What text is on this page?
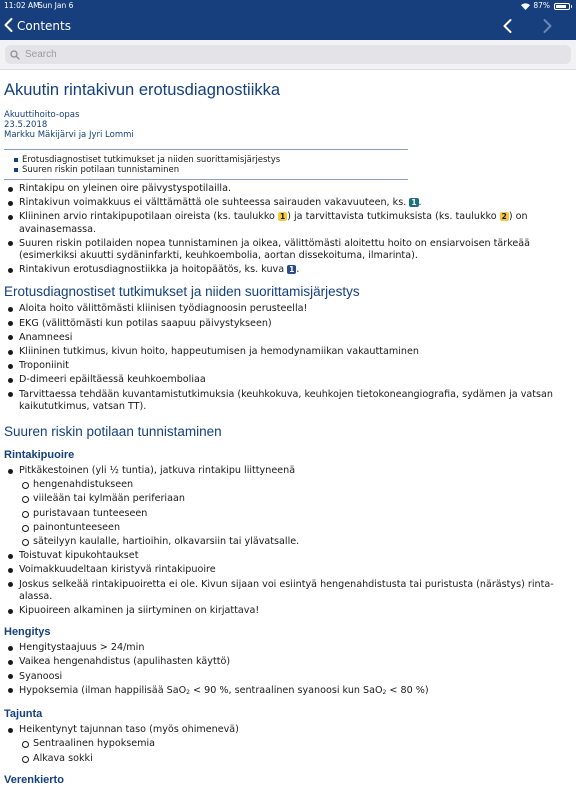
11:02 AM
Sun Jan 6	87%
Contents
Search
Akuutin rintakivun erotusdiagnostiikka
Akuuttihoito-opas
23.5.2018
Markku Mäkijärvi ja Jyri Lommi
Erotusdiagnostiset tutkimukset ja niiden suorittamisjärjestys
Suuren riskin potilaan tunnistaminen
Rintakipu on yleinen oire päivystyspotilailla.
Rintakivun voimakkuus ei välttämättä ole suhteessa sairauden vakavuuteen, ks. 1 .
Kliininen arvio rintakipupotilaan oireista (ks. taulukko 1 ) ja tarvittavista tutkimuksista (ks. taulukko 2 ) on avainasemassa.
Suuren riskin potilaiden nopea tunnistaminen ja oikea, välittömästi aloitettu hoito on ensiarvoisen tärkeää (esimerkiksi akuutti sydäninfarkti, keuhkoembolia, aortan dissekoituma, ilmarinta).
Rintakivun erotusdiagnostiikka ja hoitopäätös, ks. kuva 1 .
Erotusdiagnostiset tutkimukset ja niiden suorittamisjärjestys
Aloita hoito välittömästi kliinisen työdiagnoosin perusteella!
EKG (välittömästi kun potilas saapuu päivystykseen)
Anamneesi
Kliininen tutkimus, kivun hoito, happeutumisen ja hemodynamiikan vakauttaminen
Troponiinit
D-dimeeri epäiltäessä keuhkoemboliaa
Tarvittaessa tehdään kuvantamistutkimuksia (keuhkokuva, keuhkojen tietokoneangiografia, sydämen ja vatsan kaikututkimus, vatsan TT).
Suuren riskin potilaan tunnistaminen
Rintakipuoire
Pitkäkestoinen (yli ½ tuntia), jatkuva rintakipu liittyneenä
hengenahdistukseen
viileään tai kylmään periferiaan
puristavaan tunteeseen
painontunteeseen
säteilyyn kaulalle, hartioihin, olkavarsiin tai ylävatsalle.
Toistuvat kipukohtaukset
Voimakkuudeltaan kiristyvä rintakipuoire
Joskus selkeää rintakipuoiretta ei ole. Kivun sijaan voi esiintyä hengenahdistusta tai puristusta (närästys) rinta-alassa.
Kipuoireen alkaminen ja siirtyminen on kirjattava!
Hengitys
Hengitystaajuus > 24/min
Vaikea hengenahdistus (apulihasten käyttö)
Syanoosi
Hypoksemia (ilman happilisää SaO$_2$ < 90 %, sentraalinen syanoosi kun SaO$_2$ < 80 %)
Tajunta
Heikentynyt tajunnan taso (myös ohimenevä)
Sentraalinen hypoksemia
Alkava sokki
Verenkierto
